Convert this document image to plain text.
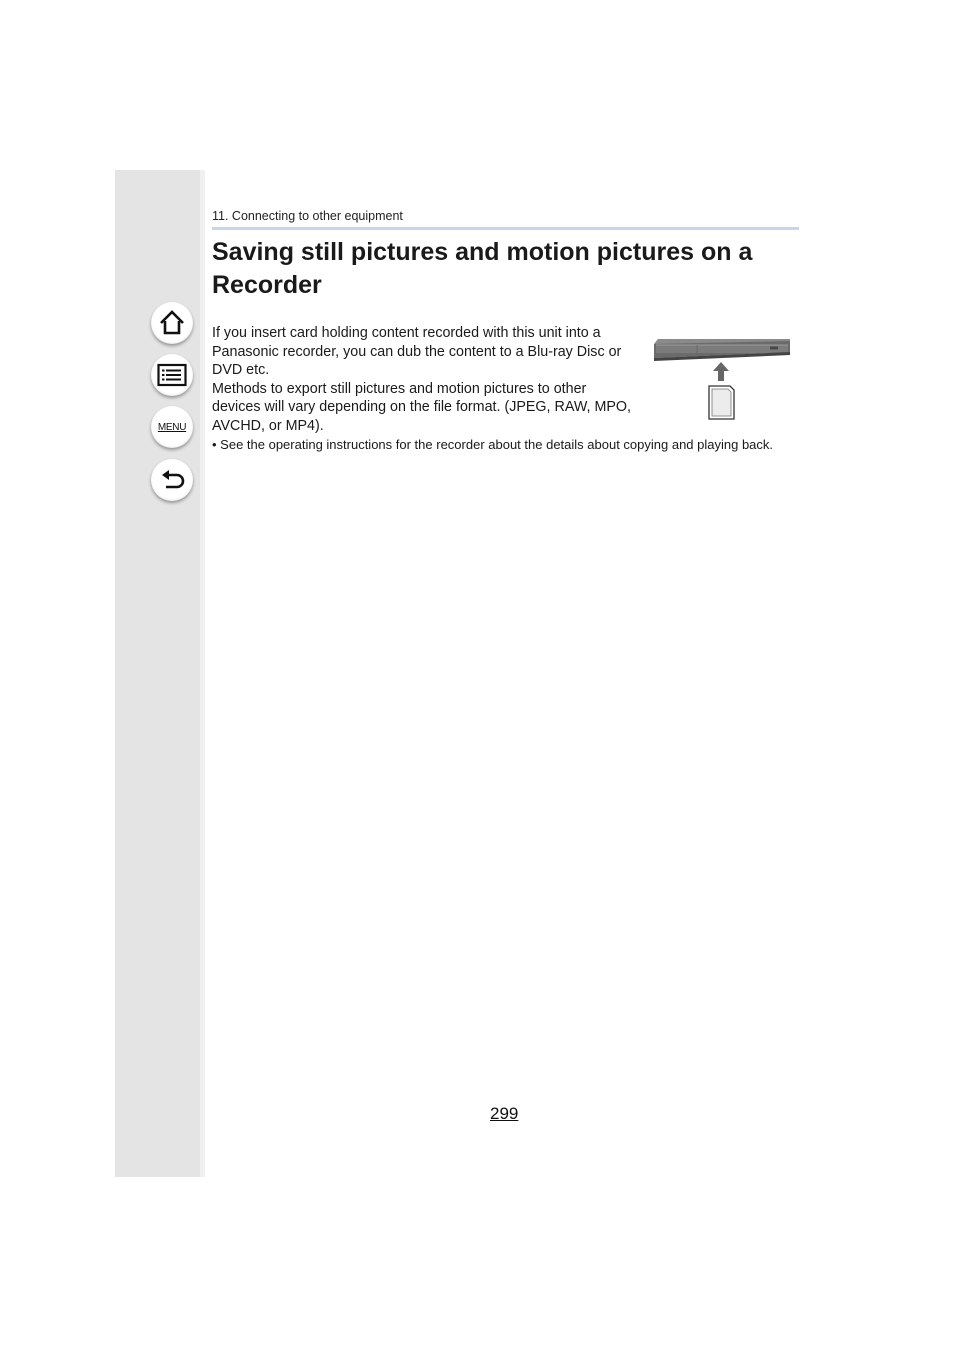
MENU
11. Connecting to other equipment
Saving still pictures and motion pictures on a Recorder

If you insert card holding content recorded with this unit into a Panasonic recorder, you can dub the content to a Blu-ray Disc or DVD etc.

Methods to export still pictures and motion pictures to other devices will vary depending on the file format. (JPEG, RAW, MPO, AVCHD, or MP4).

• See the operating instructions for the recorder about the details about copying and playing back.
299
